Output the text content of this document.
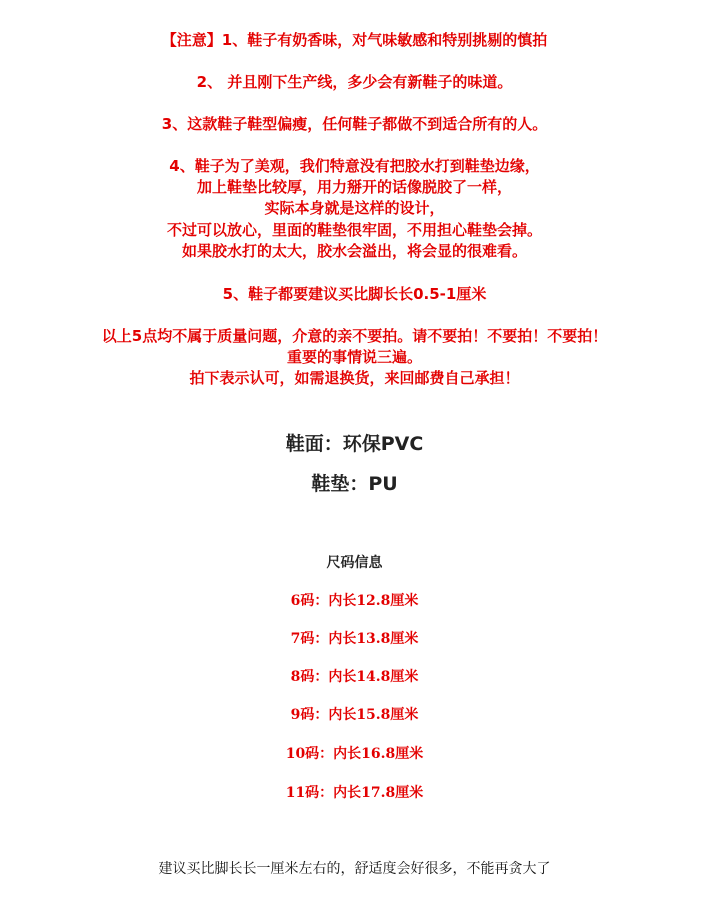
【注意】1、鞋子有奶香味，对气味敏感和特别挑剔的慎拍

2、 并且刚下生产线，多少会有新鞋子的味道。

3、这款鞋子鞋型偏瘦，任何鞋子都做不到适合所有的人。

4、鞋子为了美观，我们特意没有把胶水打到鞋垫边缘，

加上鞋垫比较厚，用力掰开的话像脱胶了一样，

实际本身就是这样的设计，

不过可以放心，里面的鞋垫很牢固，不用担心鞋垫会掉。

如果胶水打的太大，胶水会溢出，将会显的很难看。

5、鞋子都要建议买比脚长长0.5-1厘米

以上5点均不属于质量问题，介意的亲不要拍。请不要拍！不要拍！不要拍！

重要的事情说三遍。

拍下表示认可，如需退换货，来回邮费自己承担！

鞋面：环保PVC

鞋垫：PU

尺码信息

6码：内长12.8厘米

7码：内长13.8厘米

8码：内长14.8厘米

9码：内长15.8厘米

10码：内长16.8厘米

11码：内长17.8厘米

建议买比脚长长一厘米左右的，舒适度会好很多，不能再贪大了
